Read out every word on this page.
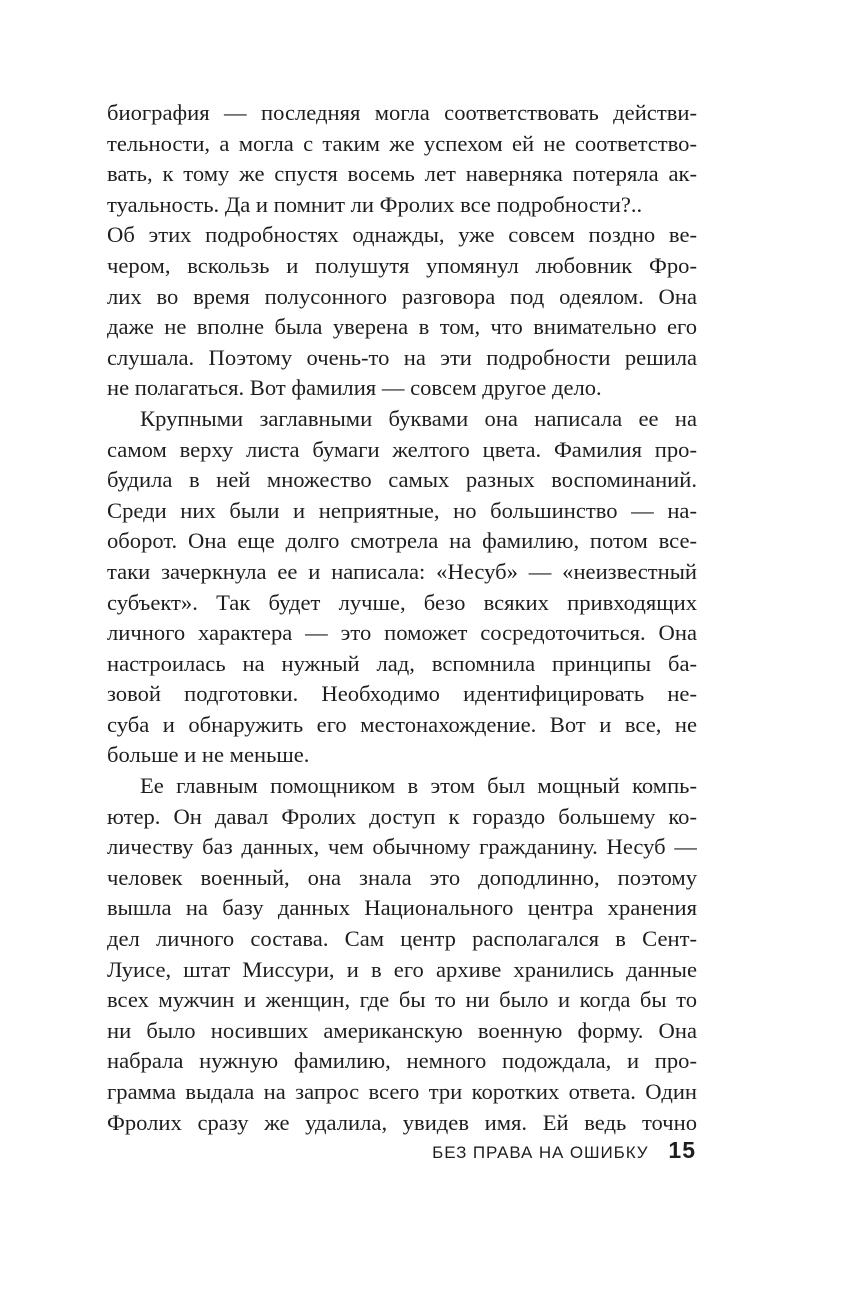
биография — последняя могла соответствовать действи-
тельности, а могла с таким же успехом ей не соответство-
вать, к тому же спустя восемь лет наверняка потеряла ак-
туальность. Да и помнит ли Фролих все подробности?..
Об этих подробностях однажды, уже совсем поздно ве-
чером, вскользь и полушутя упомянул любовник Фро-
лих во время полусонного разговора под одеялом. Она
даже не вполне была уверена в том, что внимательно его
слушала. Поэтому очень-то на эти подробности решила
не полагаться. Вот фамилия — совсем другое дело.
Крупными заглавными буквами она написала ее на
самом верху листа бумаги желтого цвета. Фамилия про-
будила в ней множество самых разных воспоминаний.
Среди них были и неприятные, но большинство — на-
оборот. Она еще долго смотрела на фамилию, потом все-
таки зачеркнула ее и написала: «Несуб» — «неизвестный
субъект». Так будет лучше, безо всяких привходящих
личного характера — это поможет сосредоточиться. Она
настроилась на нужный лад, вспомнила принципы ба-
зовой подготовки. Необходимо идентифицировать не-
суба и обнаружить его местонахождение. Вот и все, не
больше и не меньше.
Ее главным помощником в этом был мощный компь-
ютер. Он давал Фролих доступ к гораздо большему ко-
личеству баз данных, чем обычному гражданину. Несуб —
человек военный, она знала это доподлинно, поэтому
вышла на базу данных Национального центра хранения
дел личного состава. Сам центр располагался в Сент-
Луисе, штат Миссури, и в его архиве хранились данные
всех мужчин и женщин, где бы то ни было и когда бы то
ни было носивших американскую военную форму. Она
набрала нужную фамилию, немного подождала, и про-
грамма выдала на запрос всего три коротких ответа. Один
Фролих сразу же удалила, увидев имя. Ей ведь точно
БЕЗ ПРАВА НА ОШИБКУ 15
